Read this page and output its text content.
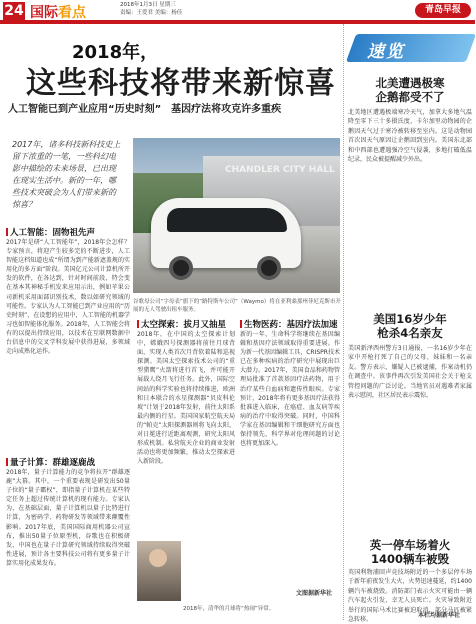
24 国际看点	2018年1月3日 星期三
责编：王爱君 美编：杨佳	青岛早报
2018年，
这些科技将带来新惊喜
人工智能已到产业应用“历史时刻”　基因疗法将攻克许多重疾
2017年，诸多科技新科技史上留下浓重的一笔，一些科幻电影中描绘的未来场景，已出现在现实生活中。新的一年，哪些技术突破会为人们带来新的惊喜？
CHANDLER CITY HALL
谷歌母公司“字母表”旗下的“路特斯车公司”（Waymo）将在亚利桑那州菲尼克斯市开展的无人驾驶出租车服务。
人工智能：固物祖先声
2017年是研“人工智能年”，2018年会怎样？专家预言，将迎产生较多完的不断进步，人工智能这档知道也成“所谓为到产能新遮盖规的实用化的多方面“阶段。美国亿元公司计算机所开发的软件，在各达到，针对时间前段，特会变在基本其神秘手机发来应用示出，例如苹果公司新机采用面部识别技术，数以如研究领域的可能性。专家认为人工智能已到产业应用的“历史时刻”，在设想的应用中，人工智能的机器学习也如智能体化服务。2018年，人工智能会将有的以提出持续应用，以技术在互联网数据中台信息中的交叉学科发展中获得进展，多领域走向成熟化运作。
量子计算：群雄逐鹿战
2018年，量子计算能力的竞争将拉开“群雄逐鹿”大幕。其中，一个重要表现是研发出50量子位的“量子霸权”，即指量子计算机在某些特定任务上超过传统计算机的现有能力。专家认为，在基础层面，量子计算机以量子比特进行计算，为密码学、药物研发等领域带来颠覆性影响。2017年底，美国国际商用机器公司宣布，推出50量子位原型机，谷歌也在积极研发，中国也在量子计算研究领域持续取得突破性进展，预计各主要科技公司将有更多量子计算实用化成果发布。
太空探索：拔月又抽星
2018年，在中国的太空探索计划中，嫦娥四号探测器将前往月球背面，实现人类首次月背软着陆和巡视探测。美国太空探索技术公司的“重型猎鹰”火箭将进行首飞，并可能开展载人绕月飞行任务。此外，国际空间站的科学实验也将持续推进，欧洲和日本联合的水星探测器“贝皮科伦坡”计划于2018年发射，前往太阳系最内侧的行星。美国国家航空航天局的“帕克”太阳探测器则将飞向太阳，对日冕进行近距离观测，研究太阳风形成机制。私营航天企业的商业发射活动也将更加频繁，推动太空探索进入新阶段。
生物医药：基因疗法加速
新的一年，生命科学将继续在基因编辑和基因疗法领域取得重要进展。作为新一代基因编辑工具，CRISPR技术已在多种疾病的治疗研究中展现出巨大潜力。2017年，美国食品和药物管理局批准了首款基因疗法药物，用于治疗某些白血病和遗传性眼疾。专家预计，2018年将有更多基因疗法获得批准进入临床，在癌症、血友病等疾病的治疗中取得突破。同时，中国科学家在基因编辑和干细胞研究方面也保持领先，科学界对伦理问题的讨论也将更加深入。
文图据新华社
2018年，清华的月球将“热闹”异常。
速览
北美遭遇极寒
企鹅都受不了
北美地区遭遇极端寒冷天气，加拿大多地气温降至零下三十多摄氏度，卡尔加里动物园的企鹅因天气过于寒冷被转移至室内。这是动物园首次因天气原因让企鹅回到室内。美国东北部和中西部也遭遇强冷空气侵袭，多地打破低温纪录，民众被提醒减少外出。
美国16岁少年
枪杀4名亲友
美国新泽西州警方3日通报，一名16岁少年在家中开枪打死了自己的父母、妹妹和一名亲友。警方表示，嫌疑人已被逮捕，作案动机仍在调查中。该事件再次引发美国社会关于枪支管控问题的广泛讨论。当地官员对遇难者家属表示慰问，社区居民表示震惊。
英一停车场着火
1400辆车被毁
英国利物浦回声竞技场附近的一个多层停车场于新年前夜发生大火，火势迅速蔓延，约1400辆汽车被烧毁。消防部门表示火灾可能由一辆汽车起火引发，幸无人员死亡。火灾导致附近举行的国际马术比赛被迫取消，部分马匹被紧急转移。
本栏均据新华社
